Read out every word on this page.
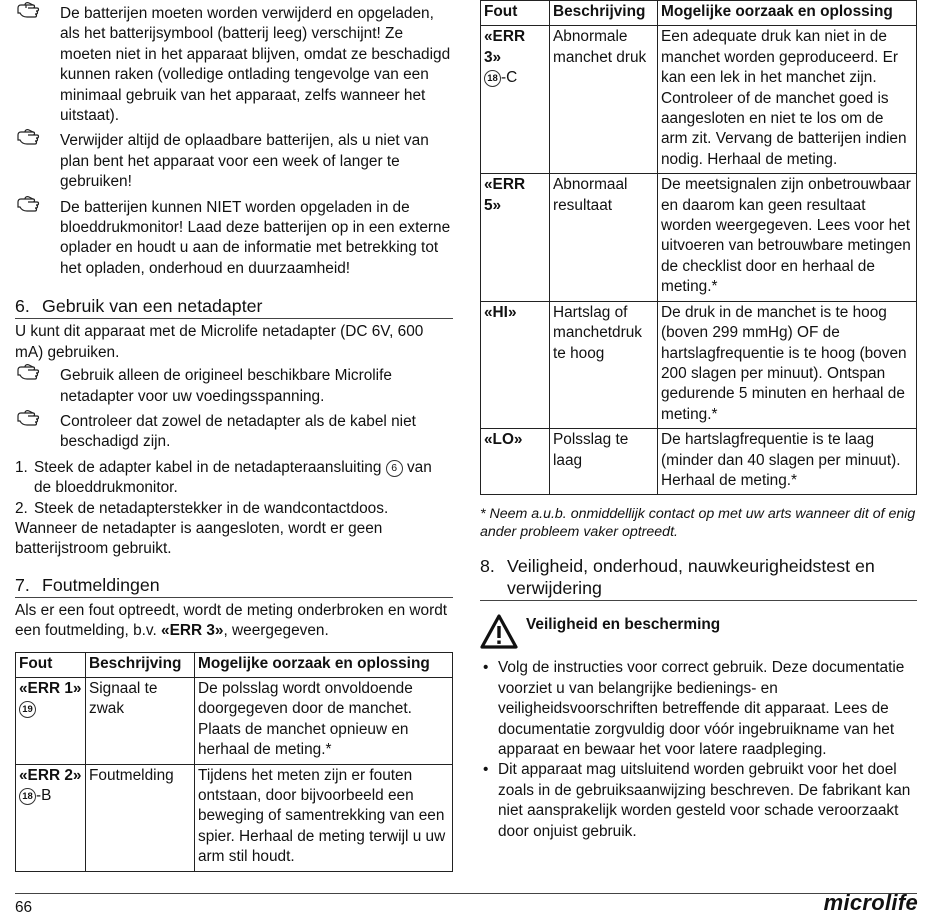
De batterijen moeten worden verwijderd en opgeladen, als het batterijsymbool (batterij leeg) verschijnt! Ze moeten niet in het apparaat blijven, omdat ze beschadigd kunnen raken (volledige ontlading tengevolge van een minimaal gebruik van het apparaat, zelfs wanneer het uitstaat).
Verwijder altijd de oplaadbare batterijen, als u niet van plan bent het apparaat voor een week of langer te gebruiken!
De batterijen kunnen NIET worden opgeladen in de bloeddrukmonitor! Laad deze batterijen op in een externe oplader en houdt u aan de informatie met betrekking tot het opladen, onderhoud en duurzaamheid!
6. Gebruik van een netadapter

U kunt dit apparaat met de Microlife netadapter (DC 6V, 600 mA) gebruiken.

Gebruik alleen de origineel beschikbare Microlife netadapter voor uw voedingsspanning.
Controleer dat zowel de netadapter als de kabel niet beschadigd zijn.
1. Steek de adapter kabel in de netadapteraansluiting 6 van de bloeddrukmonitor.
2. Steek de netadapterstekker in de wandcontactdoos.

Wanneer de netadapter is aangesloten, wordt er geen batterijstroom gebruikt.

7. Foutmeldingen

Als er een fout optreedt, wordt de meting onderbroken en wordt een foutmelding, b.v. «ERR 3», weergegeven.

Fout	Beschrijving	Mogelijke oorzaak en oplossing
«ERR 1»
19	Signaal te zwak	De polsslag wordt onvoldoende doorgegeven door de manchet. Plaats de manchet opnieuw en herhaal de meting.*
«ERR 2»
18 -B	Foutmelding	Tijdens het meten zijn er fouten ontstaan, door bijvoorbeeld een beweging of samentrekking van een spier. Herhaal de meting terwijl u uw arm stil houdt.
Fout	Beschrijving	Mogelijke oorzaak en oplossing
«ERR 3»
18 -C	Abnormale manchet druk	Een adequate druk kan niet in de manchet worden geproduceerd. Er kan een lek in het manchet zijn. Controleer of de manchet goed is aangesloten en niet te los om de arm zit. Vervang de batterijen indien nodig. Herhaal de meting.
«ERR 5»	Abnormaal resultaat	De meetsignalen zijn onbetrouwbaar en daarom kan geen resultaat worden weergegeven. Lees voor het uitvoeren van betrouwbare metingen de checklist door en herhaal de meting.*
«HI»	Hartslag of manchetdruk te hoog	De druk in de manchet is te hoog (boven 299 mmHg) OF de hartslagfrequentie is te hoog (boven 200 slagen per minuut). Ontspan gedurende 5 minuten en herhaal de meting.*
«LO»	Polsslag te laag	De hartslagfrequentie is te laag (minder dan 40 slagen per minuut). Herhaal de meting.*

* Neem a.u.b. onmiddellijk contact op met uw arts wanneer dit of enig ander probleem vaker optreedt.

8. Veiligheid, onderhoud, nauwkeurigheidstest en verwijdering
Veiligheid en bescherming
• Volg de instructies voor correct gebruik. Deze documentatie voorziet u van belangrijke bedienings- en veiligheidsvoorschriften betreffende dit apparaat. Lees de documentatie zorgvuldig door vóór ingebruikname van het apparaat en bewaar het voor latere raadpleging.
• Dit apparaat mag uitsluitend worden gebruikt voor het doel zoals in de gebruiksaanwijzing beschreven. De fabrikant kan niet aansprakelijk worden gesteld voor schade veroorzaakt door onjuist gebruik.
66	microlife
